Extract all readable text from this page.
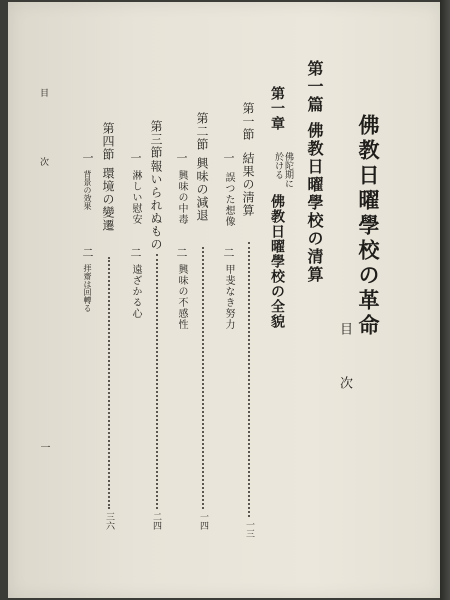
佛教日曜學校の革命
目　次
第一篇
佛教日曜學校の清算
第一章
佛陀期に
於ける
佛教日曜學校の全貌
第一節
結果の淸算
一三
一
誤つた想像
二
甲斐なき努力
第二節
興味の減退
一四
一
興味の中毒
二
興味の不感性
第三節
報いられぬもの
二四
一
淋しい慰安
二
遠ざかる心
第四節
環境の變遷
三六
一
背景の效果
二
拝齋は回轉る
目　　次
一
